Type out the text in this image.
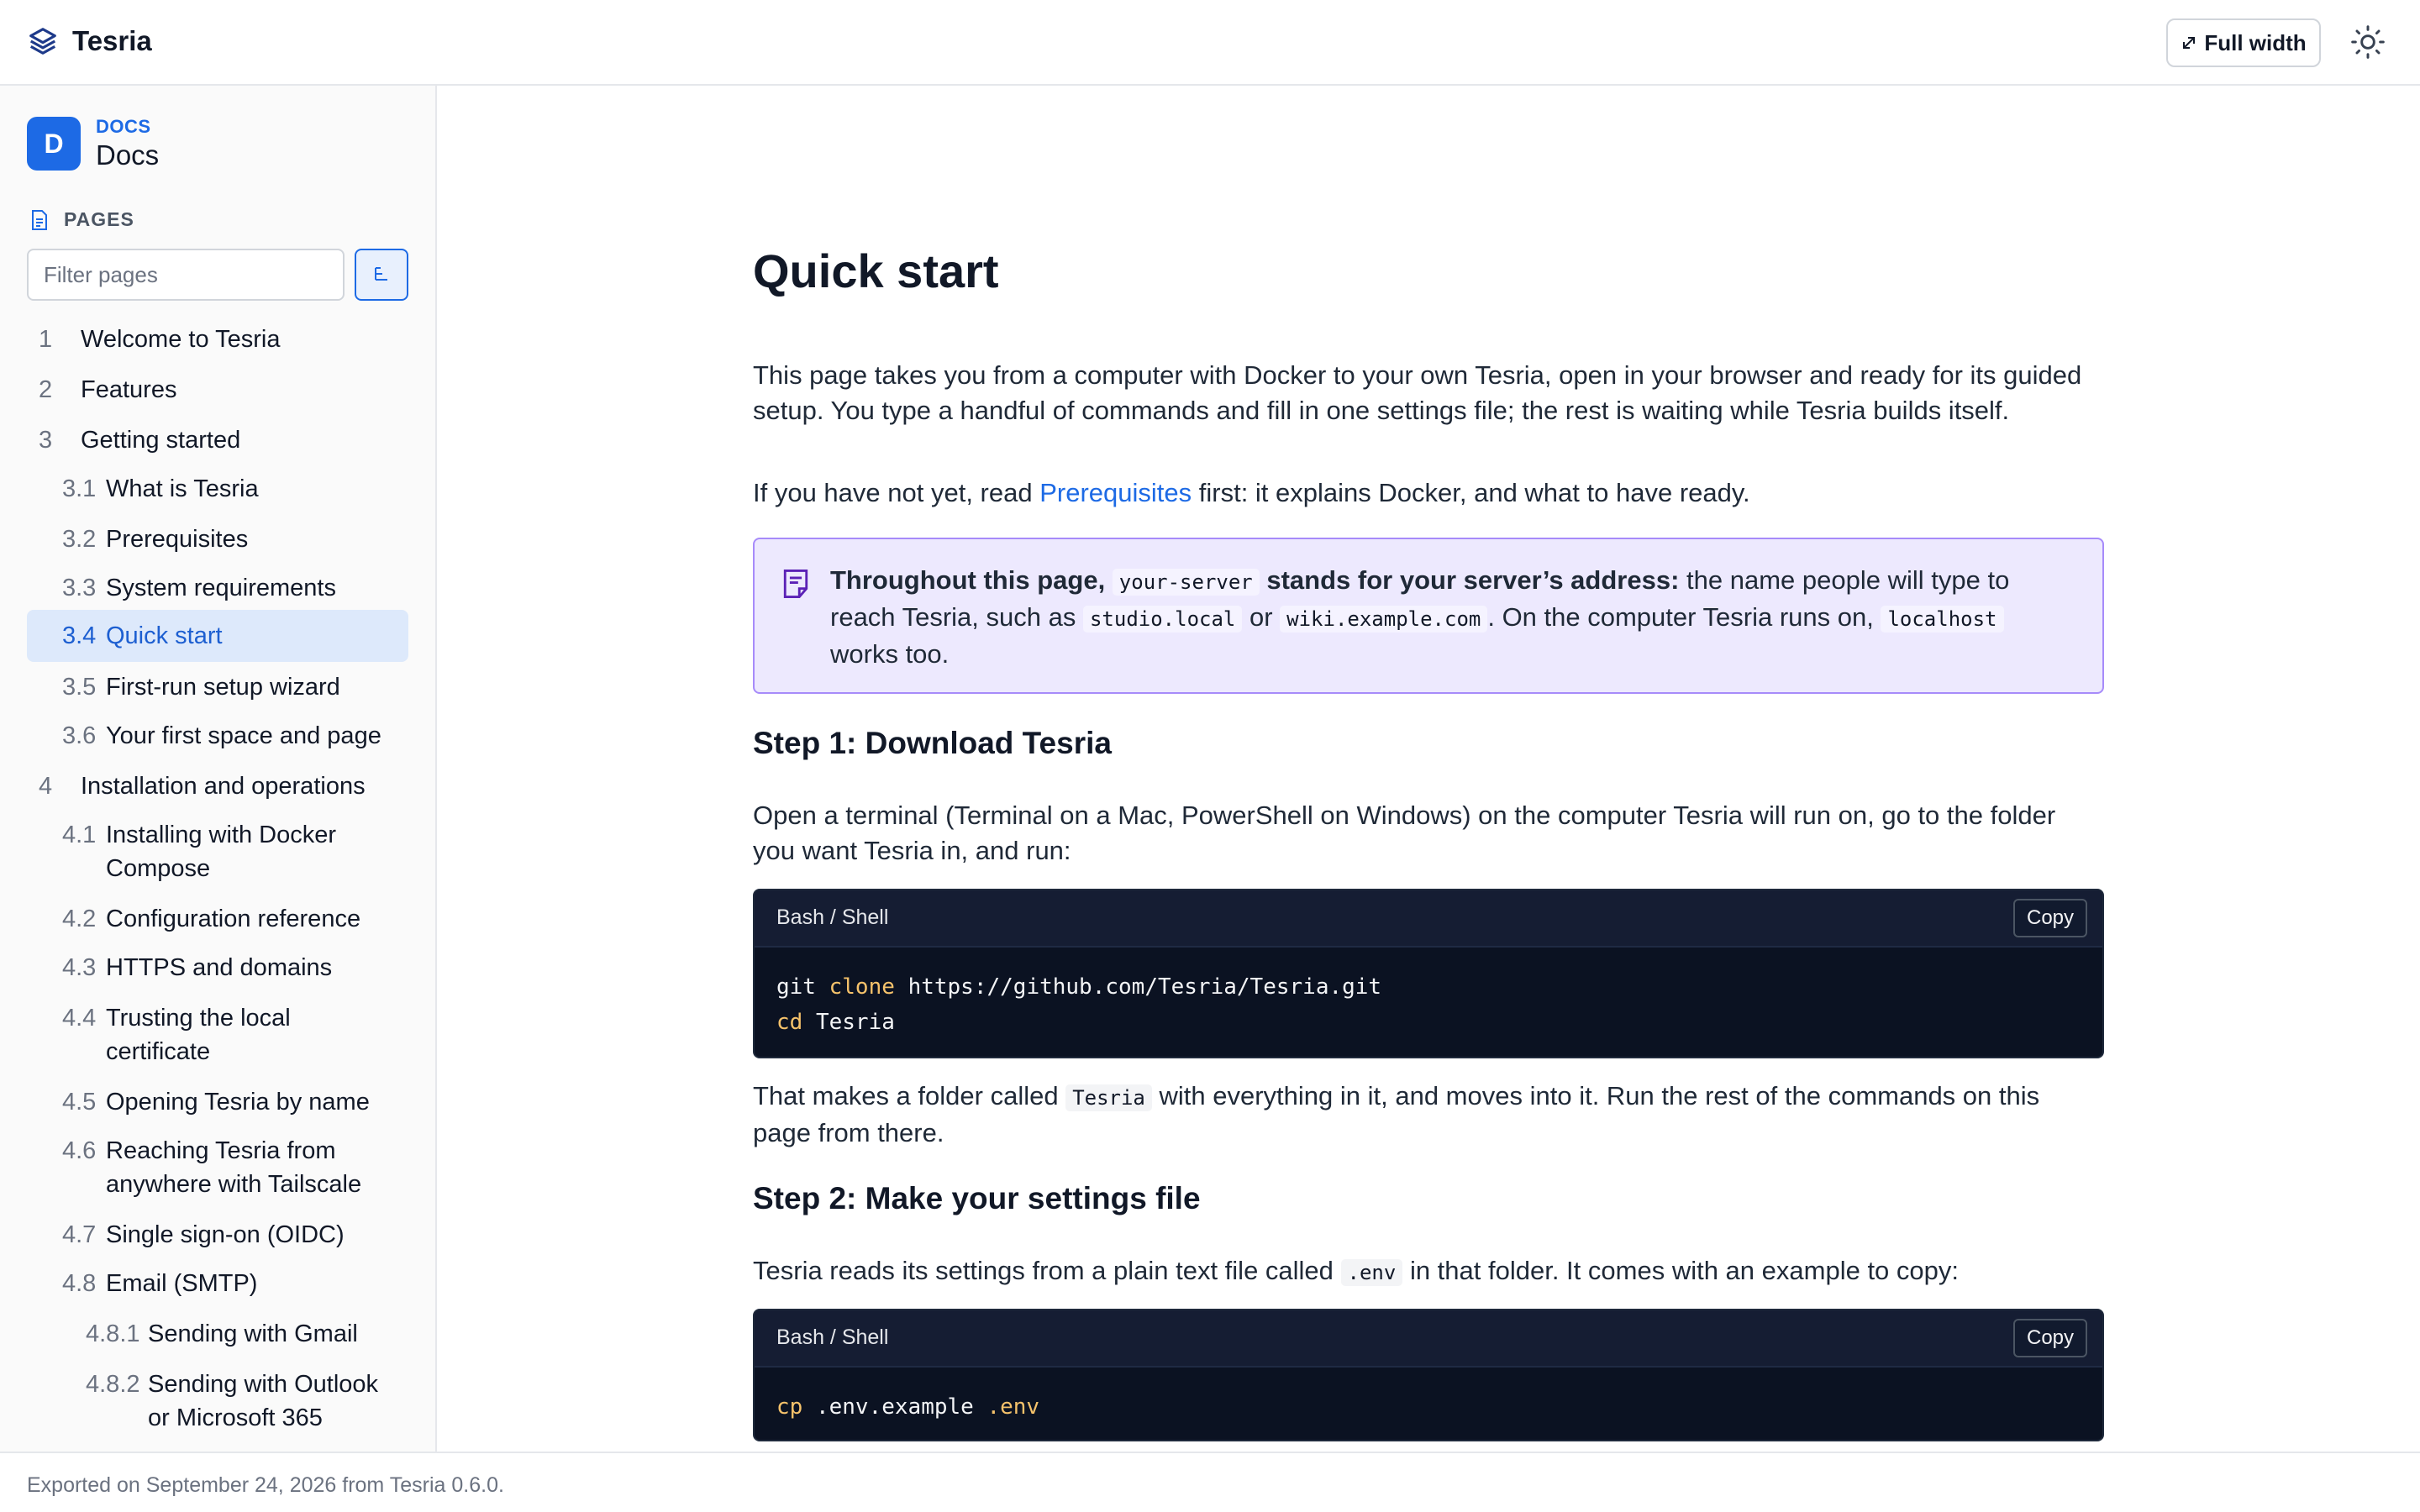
Tesria	Full width
D
DOCS
Docs
PAGES
Filter pages
1	Welcome to Tesria
2	Features
3	Getting started
3.1 What is Tesria
3.2 Prerequisites
3.3 System requirements
3.4 Quick start
3.5 First-run setup wizard
3.6 Your first space and page
4	Installation and operations
4.1 Installing with Docker Compose
4.2 Configuration reference
4.3 HTTPS and domains
4.4 Trusting the local certificate
4.5 Opening Tesria by name
4.6 Reaching Tesria from anywhere with Tailscale
4.7 Single sign-on (OIDC)
4.8 Email (SMTP)
4.8.1 Sending with Gmail
4.8.2 Sending with Outlook or Microsoft 365
Quick start

This page takes you from a computer with Docker to your own Tesria, open in your browser and ready for its guided setup. You type a handful of commands and fill in one settings file; the rest is waiting while Tesria builds itself.

If you have not yet, read Prerequisites first: it explains Docker, and what to have ready.

Throughout this page, your-server stands for your server’s address: the name people will type to reach Tesria, such as studio.local or wiki.example.com . On the computer Tesria runs on, localhost works too.
Step 1: Download Tesria

Open a terminal (Terminal on a Mac, PowerShell on Windows) on the computer Tesria will run on, go to the folder you want Tesria in, and run:

Bash / Shell	Copy
git clone https://github.com/Tesria/Tesria.git
cd Tesria

That makes a folder called Tesria with everything in it, and moves into it. Run the rest of the commands on this page from there.

Step 2: Make your settings file

Tesria reads its settings from a plain text file called .env in that folder. It comes with an example to copy:

Bash / Shell	Copy
cp .env.example .env
Exported on September 24, 2026 from Tesria 0.6.0.
